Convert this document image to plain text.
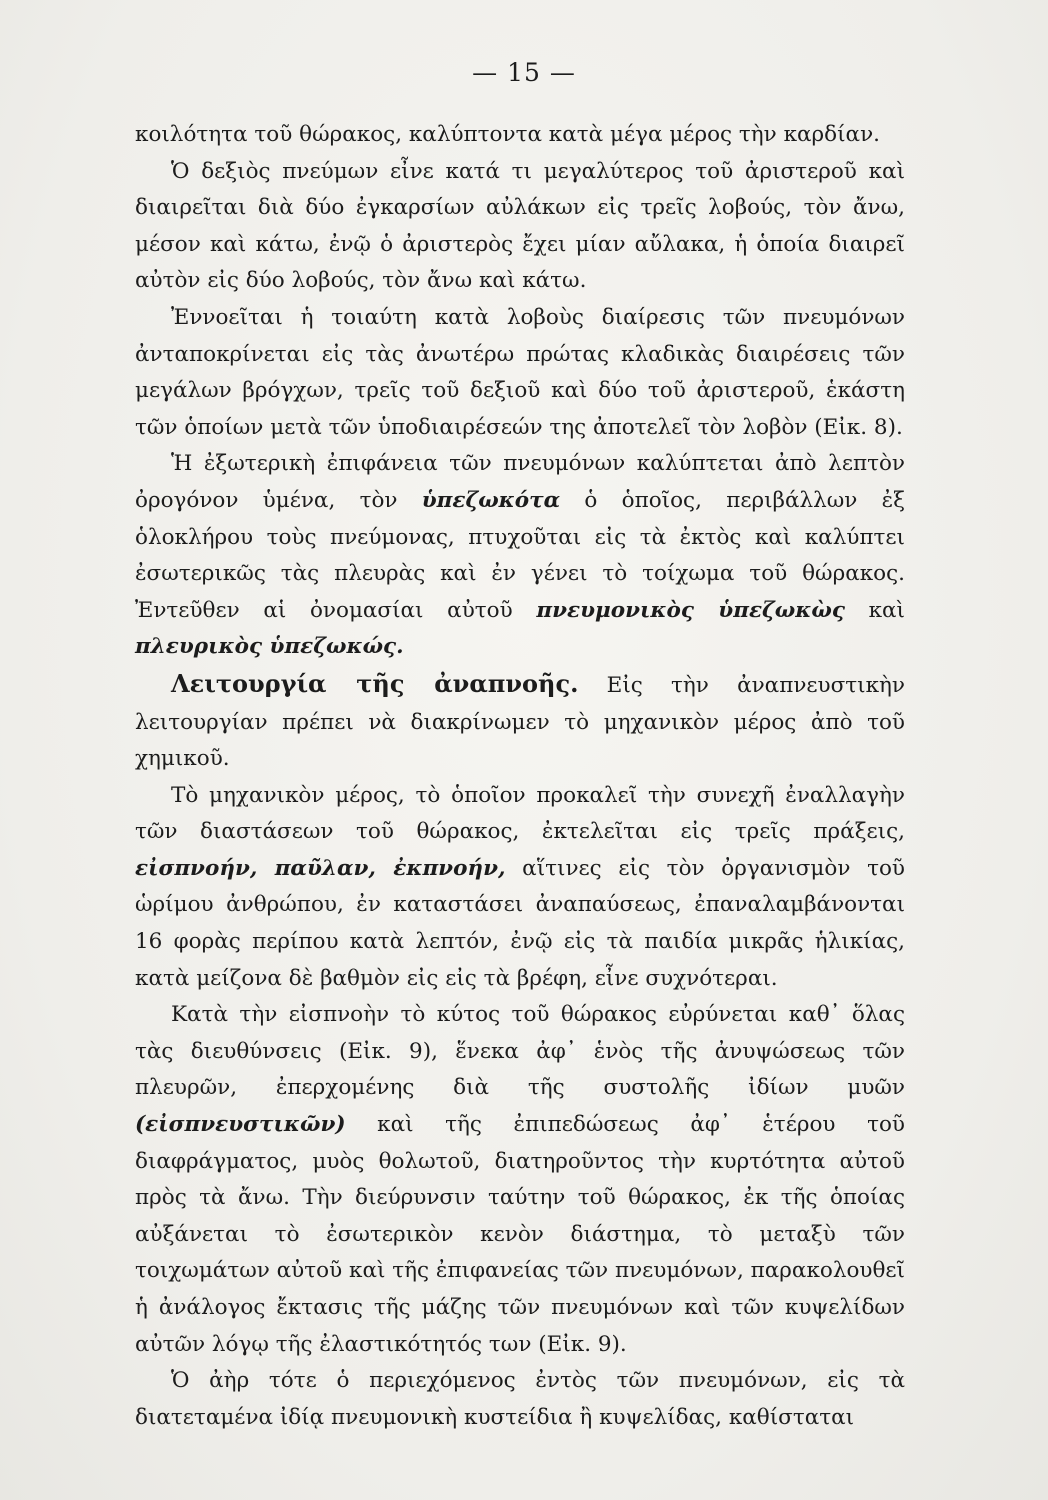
— 15 —

κοιλότητα τοῦ θώρακος, καλύπτοντα κατὰ μέγα μέρος τὴν καρδίαν.

Ὁ δεξιὸς πνεύμων εἶνε κατά τι μεγαλύτερος τοῦ ἀριστεροῦ καὶ διαιρεῖται διὰ δύο ἐγκαρσίων αὐλάκων εἰς τρεῖς λοβούς, τὸν ἄνω, μέσον καὶ κάτω, ἐνῷ ὁ ἀριστερὸς ἔχει μίαν αὔλακα, ἡ ὁποία διαιρεῖ αὐτὸν εἰς δύο λοβούς, τὸν ἄνω καὶ κάτω.

Ἐννοεῖται ἡ τοιαύτη κατὰ λοβοὺς διαίρεσις τῶν πνευμόνων ἀνταποκρίνεται εἰς τὰς ἀνωτέρω πρώτας κλαδικὰς διαιρέσεις τῶν μεγάλων βρόγχων, τρεῖς τοῦ δεξιοῦ καὶ δύο τοῦ ἀριστεροῦ, ἑκάστη τῶν ὁποίων μετὰ τῶν ὑποδιαιρέσεών της ἀποτελεῖ τὸν λοβὸν (Εἰκ. 8).

Ἡ ἐξωτερικὴ ἐπιφάνεια τῶν πνευμόνων καλύπτεται ἀπὸ λεπτὸν ὀρογόνον ὑμένα, τὸν ὑπεζωκότα ὁ ὁποῖος, περιβάλλων ἐξ ὁλοκλήρου τοὺς πνεύμονας, πτυχοῦται εἰς τὰ ἐκτὸς καὶ καλύπτει ἐσωτερικῶς τὰς πλευρὰς καὶ ἐν γένει τὸ τοίχωμα τοῦ θώρακος. Ἐντεῦθεν αἱ ὀνομασίαι αὐτοῦ πνευμονικὸς ὑπεζωκὼς καὶ πλευρικὸς ὑπεζωκώς.

Λειτουργία τῆς ἀναπνοῆς. Εἰς τὴν ἀναπνευστικὴν λειτουργίαν πρέπει νὰ διακρίνωμεν τὸ μηχανικὸν μέρος ἀπὸ τοῦ χημικοῦ.

Τὸ μηχανικὸν μέρος, τὸ ὁποῖον προκαλεῖ τὴν συνεχῆ ἐναλλαγὴν τῶν διαστάσεων τοῦ θώρακος, ἐκτελεῖται εἰς τρεῖς πράξεις, εἰσπνοήν, παῦλαν, ἐκπνοήν, αἵτινες εἰς τὸν ὀργανισμὸν τοῦ ὡρίμου ἀνθρώπου, ἐν καταστάσει ἀναπαύσεως, ἐπαναλαμβάνονται 16 φορὰς περίπου κατὰ λεπτόν, ἐνῷ εἰς τὰ παιδία μικρᾶς ἡλικίας, κατὰ μείζονα δὲ βαθμὸν εἰς εἰς τὰ βρέφη, εἶνε συχνότεραι.

Κατὰ τὴν εἰσπνοὴν τὸ κύτος τοῦ θώρακος εὐρύνεται καθ᾽ ὅλας τὰς διευθύνσεις (Εἰκ. 9), ἕνεκα ἀφ᾽ ἑνὸς τῆς ἀνυψώσεως τῶν πλευρῶν, ἐπερχομένης διὰ τῆς συστολῆς ἰδίων μυῶν (εἰσπνευστικῶν) καὶ τῆς ἐπιπεδώσεως ἀφ᾽ ἑτέρου τοῦ διαφράγματος, μυὸς θολωτοῦ, διατηροῦντος τὴν κυρτότητα αὐτοῦ πρὸς τὰ ἄνω. Τὴν διεύρυνσιν ταύτην τοῦ θώρακος, ἐκ τῆς ὁποίας αὐξάνεται τὸ ἐσωτερικὸν κενὸν διάστημα, τὸ μεταξὺ τῶν τοιχωμάτων αὐτοῦ καὶ τῆς ἐπιφανείας τῶν πνευμόνων, παρακολουθεῖ ἡ ἀνάλογος ἔκτασις τῆς μάζης τῶν πνευμόνων καὶ τῶν κυψελίδων αὐτῶν λόγῳ τῆς ἐλαστικότητός των (Εἰκ. 9).

Ὁ ἀὴρ τότε ὁ περιεχόμενος ἐντὸς τῶν πνευμόνων, εἰς τὰ διατεταμένα ἰδίᾳ πνευμονικὴ κυστείδια ἢ κυψελίδας, καθίσταται
